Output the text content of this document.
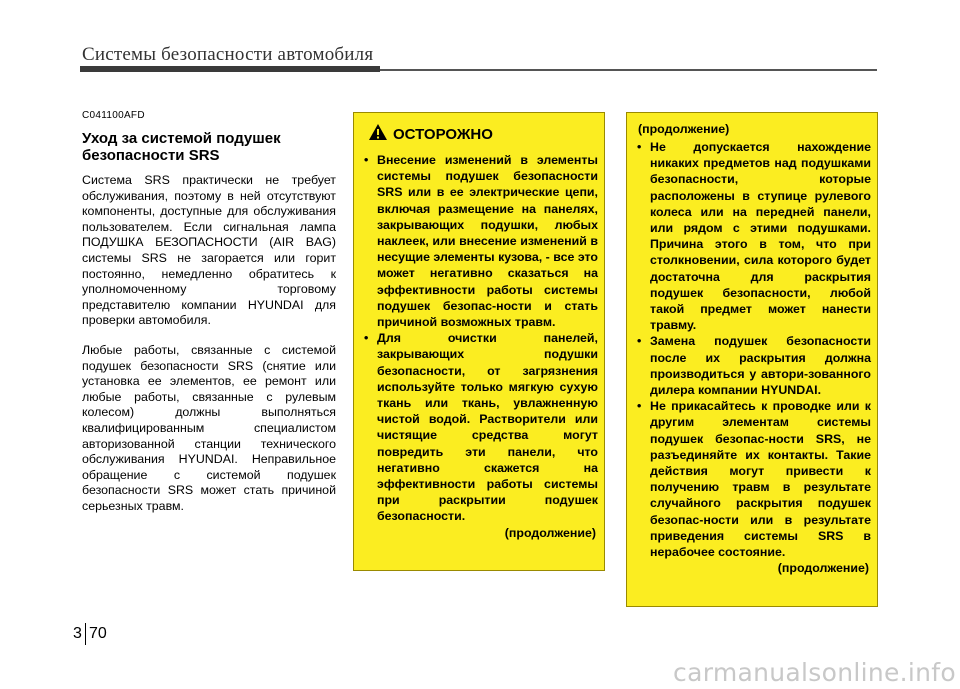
Системы безопасности автомобиля
C041100AFD
Уход за системой подушек безопасности SRS

Система SRS практически не требует обслуживания, поэтому в ней отсутствуют компоненты, доступные для обслуживания пользователем. Если сигнальная лампа ПОДУШКА БЕЗОПАСНОСТИ (AIR BAG) системы SRS не загорается или горит постоянно, немедленно обратитесь к уполномоченному торговому представителю компании HYUNDAI для проверки автомобиля.

Любые работы, связанные с системой подушек безопасности SRS (снятие или установка ее элементов, ее ремонт или любые работы, связанные с рулевым колесом) должны выполняться квалифицированным специалистом авторизованной станции технического обслуживания HYUNDAI. Неправильное обращение с системой подушек безопасности SRS может стать причиной серьезных травм.

ОСТОРОЖНО
• Внесение изменений в элементы системы подушек безопасности SRS или в ее электрические цепи, включая размещение на панелях, закрывающих подушки, любых наклеек, или внесение изменений в несущие элементы кузова, - все это может негативно сказаться на эффективности работы системы подушек безопас-ности и стать причиной возможных травм.
• Для очистки панелей, закрывающих подушки безопасности, от загрязнения используйте только мягкую сухую ткань или ткань, увлажненную чистой водой. Растворители или чистящие средства могут повредить эти панели, что негативно скажется на эффективности работы системы при раскрытии подушек безопасности.
(продолжение)
(продолжение)
• Не допускается нахождение никаких предметов над подушками безопасности, которые расположены в ступице рулевого колеса или на передней панели, или рядом с этими подушками. Причина этого в том, что при столкновении, сила которого будет достаточна для раскрытия подушек безопасности, любой такой предмет может нанести травму.
• Замена подушек безопасности после их раскрытия должна производиться у автори-зованного дилера компании HYUNDAI.
• Не прикасайтесь к проводке или к другим элементам системы подушек безопас-ности SRS, не разъединяйте их контакты. Такие действия могут привести к получению травм в результате случайного раскрытия подушек безопас-ности или в результате приведения системы SRS в нерабочее состояние.
(продолжение)
3 70
carmanualsonline.info
